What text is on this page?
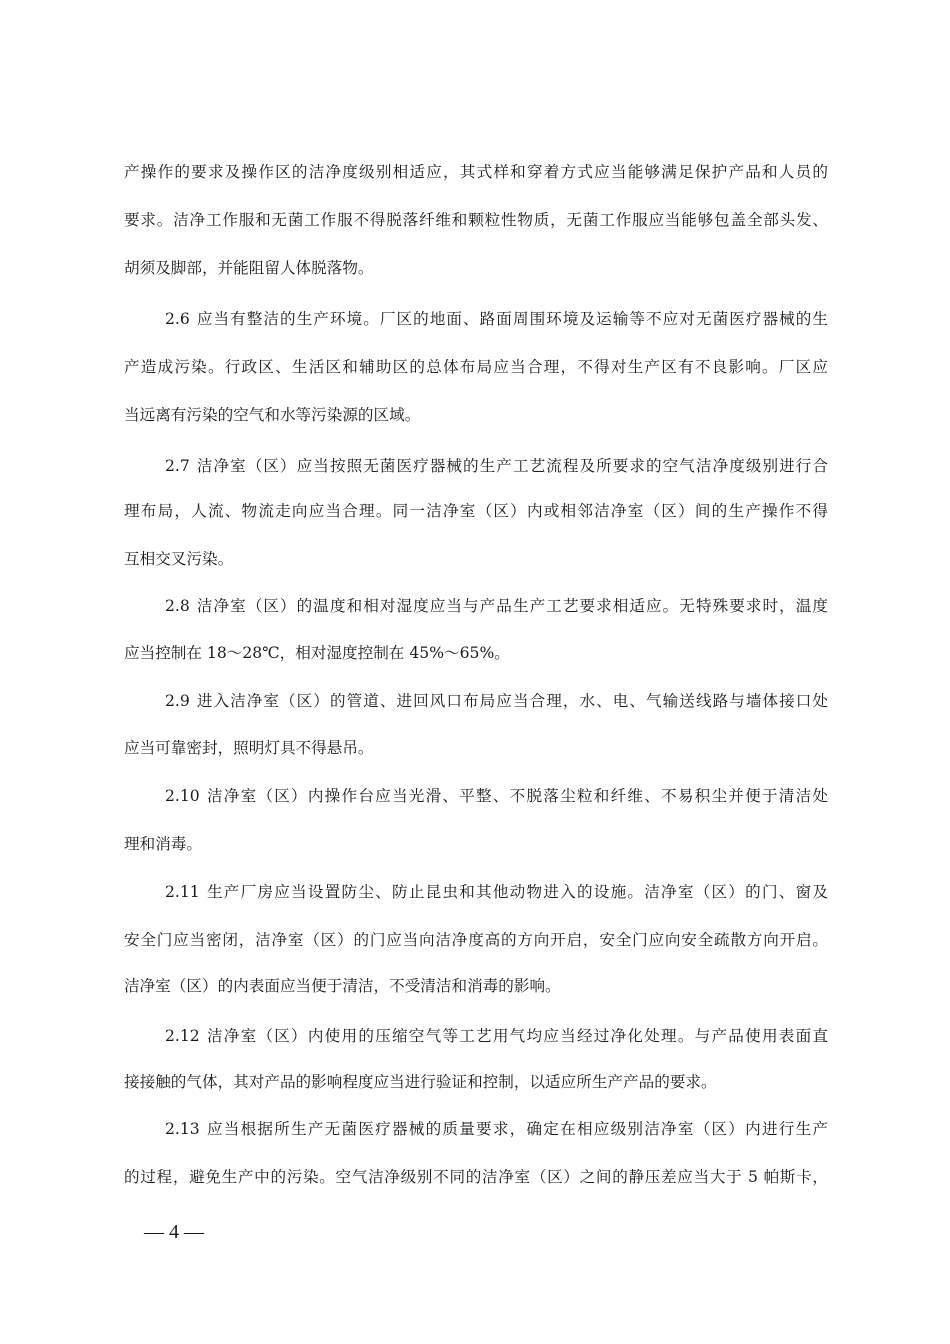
产操作的要求及操作区的洁净度级别相适应，其式样和穿着方式应当能够满足保护产品和人员的
要求。洁净工作服和无菌工作服不得脱落纤维和颗粒性物质，无菌工作服应当能够包盖全部头发、
胡须及脚部，并能阻留人体脱落物。
2.6 应当有整洁的生产环境。厂区的地面、路面周围环境及运输等不应对无菌医疗器械的生
产造成污染。行政区、生活区和辅助区的总体布局应当合理，不得对生产区有不良影响。厂区应
当远离有污染的空气和水等污染源的区域。
2.7 洁净室（区）应当按照无菌医疗器械的生产工艺流程及所要求的空气洁净度级别进行合
理布局，人流、物流走向应当合理。同一洁净室（区）内或相邻洁净室（区）间的生产操作不得
互相交叉污染。
2.8 洁净室（区）的温度和相对湿度应当与产品生产工艺要求相适应。无特殊要求时，温度
应当控制在 18～28℃，相对湿度控制在 45%～65%。
2.9 进入洁净室（区）的管道、进回风口布局应当合理，水、电、气输送线路与墙体接口处
应当可靠密封，照明灯具不得悬吊。
2.10 洁净室（区）内操作台应当光滑、平整、不脱落尘粒和纤维、不易积尘并便于清洁处
理和消毒。
2.11 生产厂房应当设置防尘、防止昆虫和其他动物进入的设施。洁净室（区）的门、窗及
安全门应当密闭，洁净室（区）的门应当向洁净度高的方向开启，安全门应向安全疏散方向开启。
洁净室（区）的内表面应当便于清洁，不受清洁和消毒的影响。
2.12 洁净室（区）内使用的压缩空气等工艺用气均应当经过净化处理。与产品使用表面直
接接触的气体，其对产品的影响程度应当进行验证和控制，以适应所生产产品的要求。
2.13 应当根据所生产无菌医疗器械的质量要求，确定在相应级别洁净室（区）内进行生产
的过程，避免生产中的污染。空气洁净级别不同的洁净室（区）之间的静压差应当大于 5 帕斯卡，
— 4 —
